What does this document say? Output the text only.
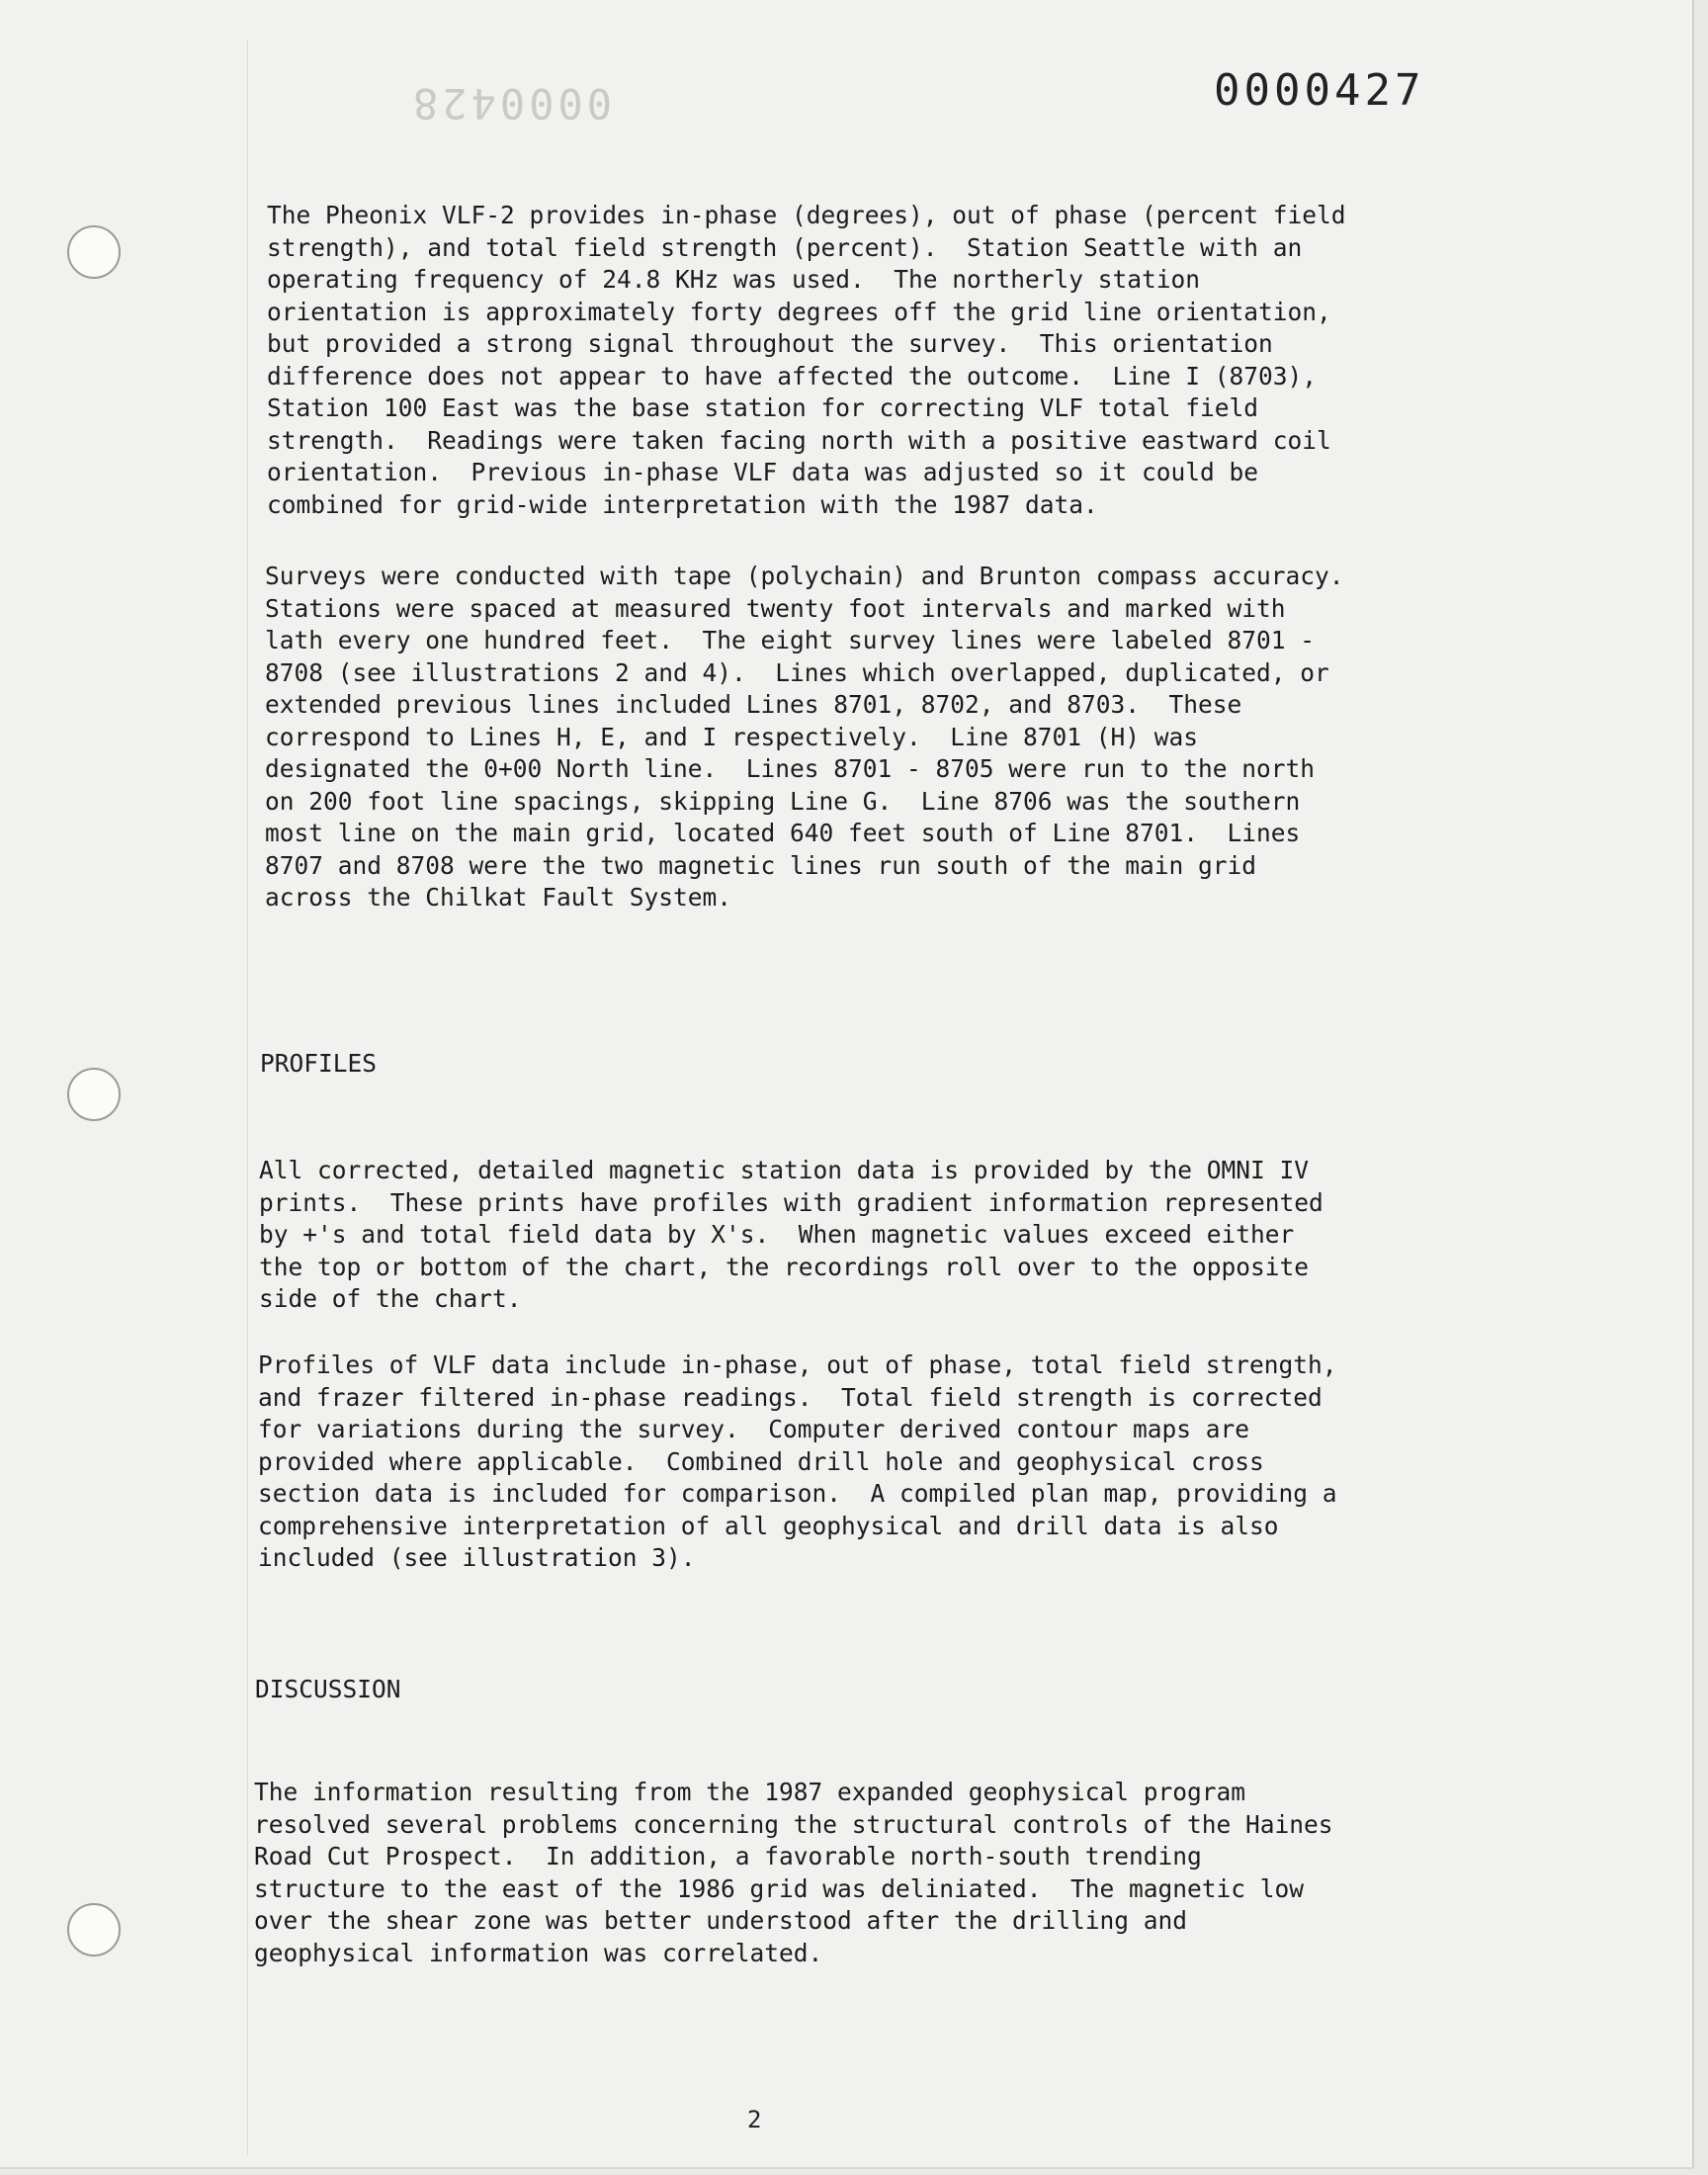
0000428	0000427
The Pheonix VLF-2 provides in-phase (degrees), out of phase (percent field
strength), and total field strength (percent).  Station Seattle with an
operating frequency of 24.8 KHz was used.  The northerly station
orientation is approximately forty degrees off the grid line orientation,
but provided a strong signal throughout the survey.  This orientation
difference does not appear to have affected the outcome.  Line I (8703),
Station 100 East was the base station for correcting VLF total field
strength.  Readings were taken facing north with a positive eastward coil
orientation.  Previous in-phase VLF data was adjusted so it could be
combined for grid-wide interpretation with the 1987 data.
Surveys were conducted with tape (polychain) and Brunton compass accuracy.
Stations were spaced at measured twenty foot intervals and marked with
lath every one hundred feet.  The eight survey lines were labeled 8701 -
8708 (see illustrations 2 and 4).  Lines which overlapped, duplicated, or
extended previous lines included Lines 8701, 8702, and 8703.  These
correspond to Lines H, E, and I respectively.  Line 8701 (H) was
designated the 0+00 North line.  Lines 8701 - 8705 were run to the north
on 200 foot line spacings, skipping Line G.  Line 8706 was the southern
most line on the main grid, located 640 feet south of Line 8701.  Lines
8707 and 8708 were the two magnetic lines run south of the main grid
across the Chilkat Fault System.
PROFILES
All corrected, detailed magnetic station data is provided by the OMNI IV
prints.  These prints have profiles with gradient information represented
by +'s and total field data by X's.  When magnetic values exceed either
the top or bottom of the chart, the recordings roll over to the opposite
side of the chart.
Profiles of VLF data include in-phase, out of phase, total field strength,
and frazer filtered in-phase readings.  Total field strength is corrected
for variations during the survey.  Computer derived contour maps are
provided where applicable.  Combined drill hole and geophysical cross
section data is included for comparison.  A compiled plan map, providing a
comprehensive interpretation of all geophysical and drill data is also
included (see illustration 3).
DISCUSSION
The information resulting from the 1987 expanded geophysical program
resolved several problems concerning the structural controls of the Haines
Road Cut Prospect.  In addition, a favorable north-south trending
structure to the east of the 1986 grid was deliniated.  The magnetic low
over the shear zone was better understood after the drilling and
geophysical information was correlated.
2
